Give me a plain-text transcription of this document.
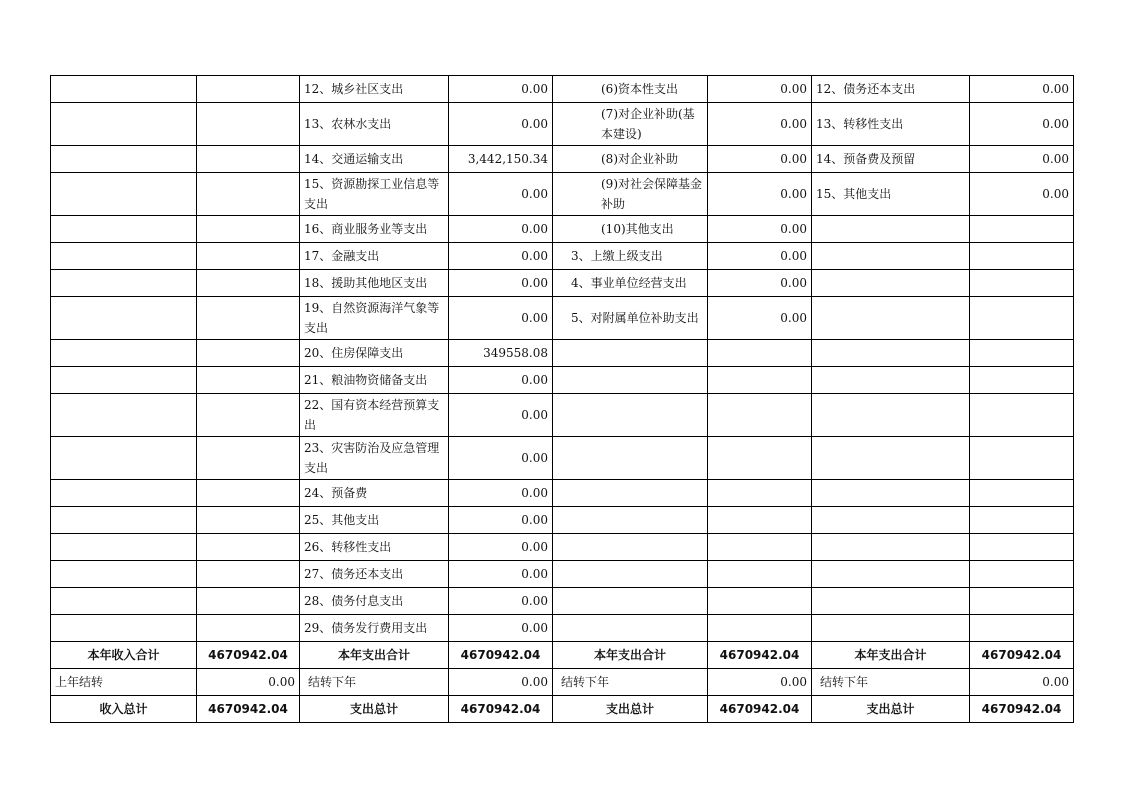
		12、城乡社区支出	0.00	(6)资本性支出	0.00	12、债务还本支出	0.00
		13、农林水支出	0.00	(7)对企业补助(基本建设)	0.00	13、转移性支出	0.00
		14、交通运输支出	3,442,150.34	(8)对企业补助	0.00	14、预备费及预留	0.00
		15、资源勘探工业信息等支出	0.00	(9)对社会保障基金补助	0.00	15、其他支出	0.00
		16、商业服务业等支出	0.00	(10)其他支出	0.00		
		17、金融支出	0.00	3、上缴上级支出	0.00		
		18、援助其他地区支出	0.00	4、事业单位经营支出	0.00		
		19、自然资源海洋气象等支出	0.00	5、对附属单位补助支出	0.00		
		20、住房保障支出	349558.08				
		21、粮油物资储备支出	0.00				
		22、国有资本经营预算支出	0.00				
		23、灾害防治及应急管理支出	0.00				
		24、预备费	0.00				
		25、其他支出	0.00				
		26、转移性支出	0.00				
		27、债务还本支出	0.00				
		28、债务付息支出	0.00				
		29、债务发行费用支出	0.00				
本年收入合计	4670942.04	本年支出合计	4670942.04	本年支出合计	4670942.04	本年支出合计	4670942.04
上年结转	0.00	结转下年	0.00	结转下年	0.00	结转下年	0.00
收入总计	4670942.04	支出总计	4670942.04	支出总计	4670942.04	支出总计	4670942.04
